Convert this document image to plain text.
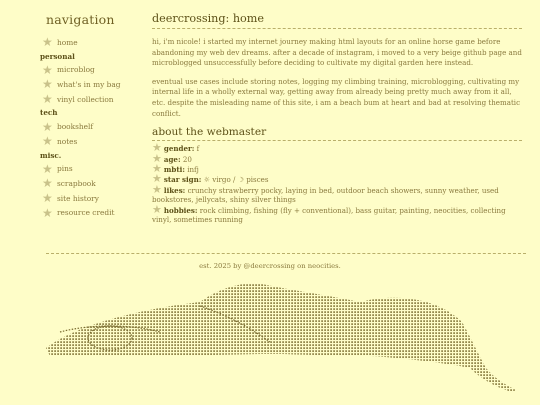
navigation
★ home
personal
★ microblog
★ what's in my bag
★ vinyl collection
tech
★ bookshelf
★ notes
misc.
★ pins
★ scrapbook
★ site history
★ resource credit
deercrossing: home

hi, i'm nicole! i started my internet journey making html layouts for an online horse game before abandoning my web dev dreams. after a decade of instagram, i moved to a very beige github page and microblogged unsuccessfully before deciding to cultivate my digital garden here instead.

eventual use cases include storing notes, logging my climbing training, microblogging, cultivating my internal life in a wholly external way, getting away from already being pretty much away from it all, etc. despite the misleading name of this site, i am a beach bum at heart and bad at resolving thematic conflict.

about the webmaster
★ gender: f
★ age: 20
★ mbti: infj
★ star sign: ☼ virgo / ☽ pisces
★ likes: crunchy strawberry pocky, laying in bed, outdoor beach showers, sunny weather, used bookstores, jellycats, shiny silver things
★ hobbies: rock climbing, fishing (fly + conventional), bass guitar, painting, neocities, collecting vinyl, sometimes running
est. 2025 by @deercrossing on neocities.
